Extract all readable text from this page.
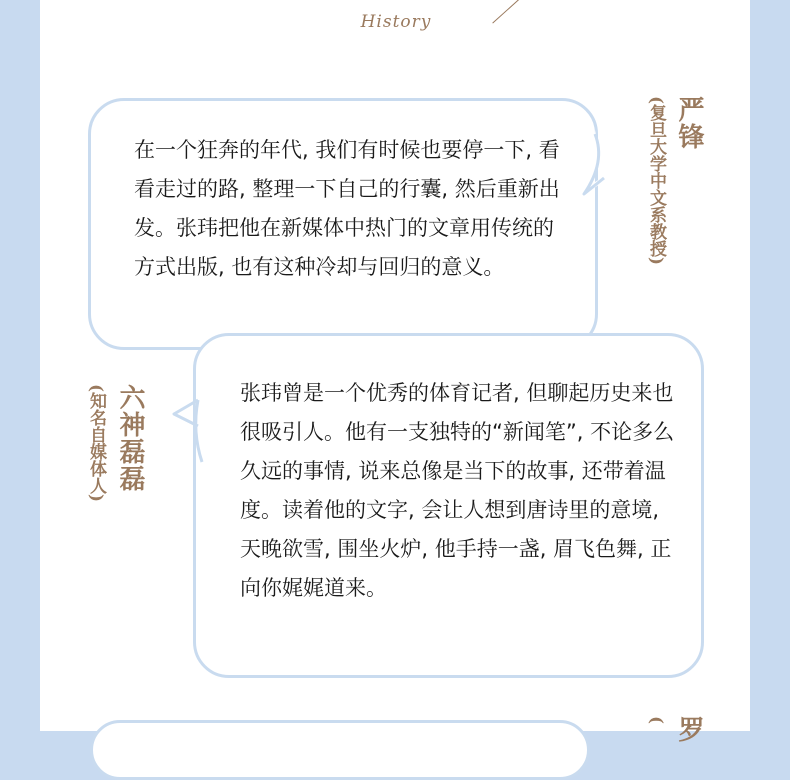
History
在一个狂奔的年代, 我们有时候也要停一下, 看看走过的路, 整理一下自己的行囊, 然后重新出发。张玮把他在新媒体中热门的文章用传统的方式出版, 也有这种冷却与回归的意义。
严锋
(复旦大学中文系教授)
张玮曾是一个优秀的体育记者, 但聊起历史来也很吸引人。他有一支独特的“新闻笔”, 不论多么久远的事情, 说来总像是当下的故事, 还带着温度。读着他的文字, 会让人想到唐诗里的意境, 天晚欲雪, 围坐火炉, 他手持一盏, 眉飞色舞, 正向你娓娓道来。
六神磊磊
(知名自媒体人)
罗
(
